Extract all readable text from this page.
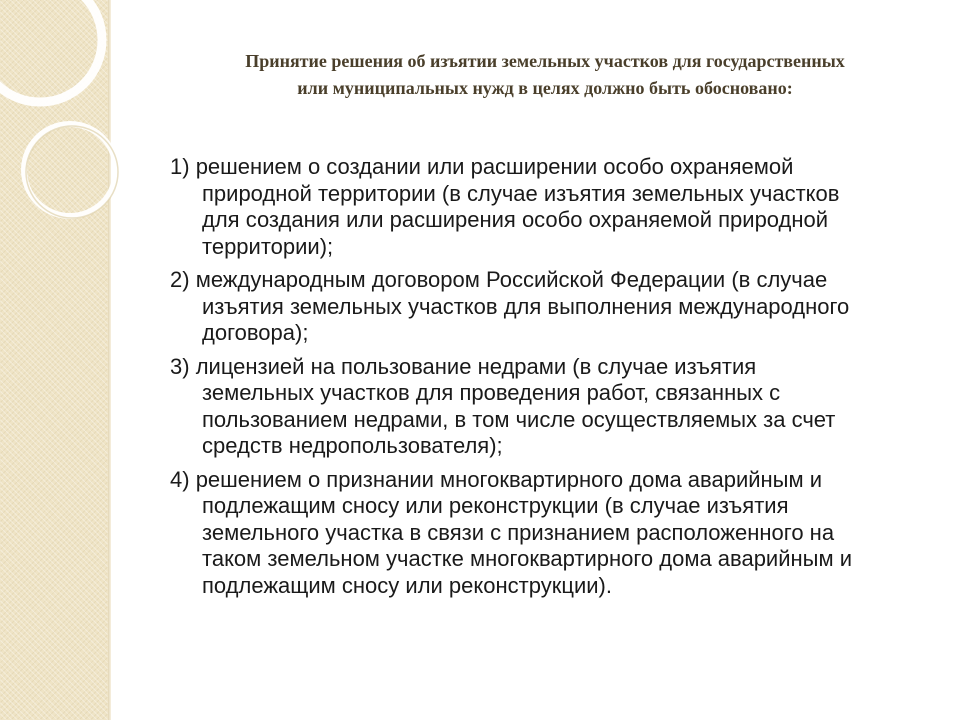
Принятие решения об изъятии земельных участков для государственных
или муниципальных нужд в целях должно быть обосновано:
1) решением о создании или расширении особо охраняемой
природной территории (в случае изъятия земельных участков
для создания или расширения особо охраняемой природной
территории);
2) международным договором Российской Федерации (в случае
изъятия земельных участков для выполнения международного
договора);
3) лицензией на пользование недрами (в случае изъятия
земельных участков для проведения работ, связанных с
пользованием недрами, в том числе осуществляемых за счет
средств недропользователя);
4) решением о признании многоквартирного дома аварийным и
подлежащим сносу или реконструкции (в случае изъятия
земельного участка в связи с признанием расположенного на
таком земельном участке многоквартирного дома аварийным и
подлежащим сносу или реконструкции).
